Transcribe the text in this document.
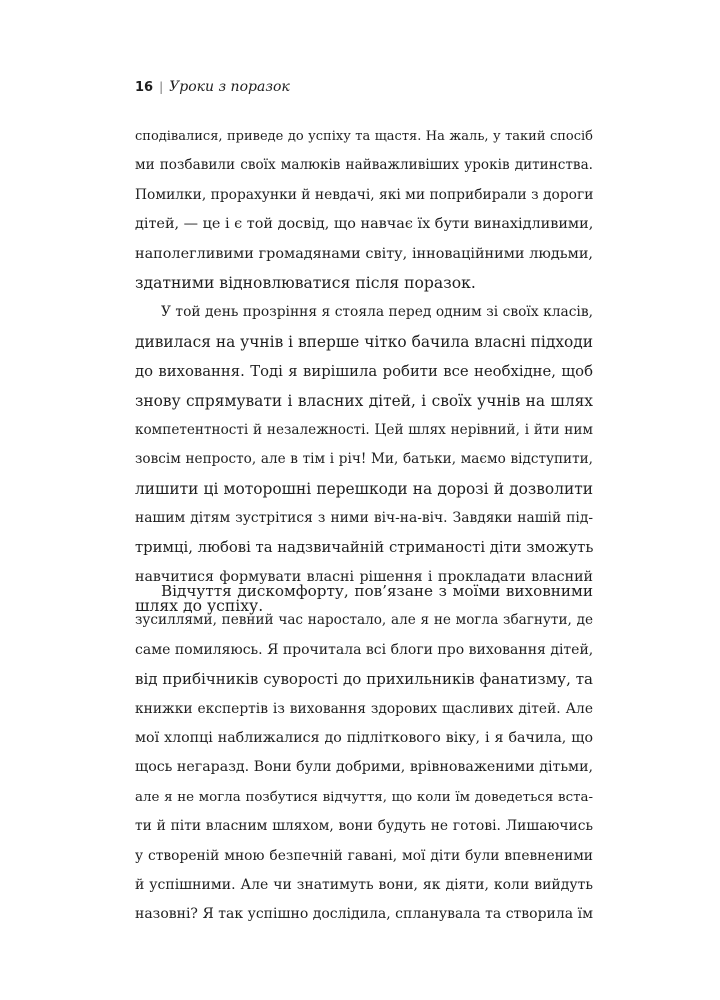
16 | Уроки з поразок
сподівалися, приведе до успіху та щастя. На жаль, у такий спосіб
ми позбавили своїх малюків найважливіших уроків дитинства.
Помилки, прорахунки й невдачі, які ми поприбирали з дороги
дітей, — це і є той досвід, що навчає їх бути винахідливими,
наполегливими громадянами світу, інноваційними людьми,
здатними відновлюватися після поразок.
У той день прозріння я стояла перед одним зі своїх класів,
дивилася на учнів і вперше чітко бачила власні підходи
до виховання. Тоді я вирішила робити все необхідне, щоб
знову спрямувати і власних дітей, і своїх учнів на шлях
компетентності й незалежності. Цей шлях нерівний, і йти ним
зовсім непросто, але в тім і річ! Ми, батьки, маємо відступити,
лишити ці моторошні перешкоди на дорозі й дозволити
нашим дітям зустрітися з ними віч-на-віч. Завдяки нашій під-
тримці, любові та надзвичайній стриманості діти зможуть
навчитися формувати власні рішення і прокладати власний
шлях до успіху.
Відчуття дискомфорту, пов’язане з моїми виховними
зусиллями, певний час наростало, але я не могла збагнути, де
саме помиляюсь. Я прочитала всі блоги про виховання дітей,
від прибічників суворості до прихильників фанатизму, та
книжки експертів із виховання здорових щасливих дітей. Але
мої хлопці наближалися до підліткового віку, і я бачила, що
щось негаразд. Вони були добрими, врівноваженими дітьми,
але я не могла позбутися відчуття, що коли їм доведеться вста-
ти й піти власним шляхом, вони будуть не готові. Лишаючись
у створеній мною безпечній гавані, мої діти були впевненими
й успішними. Але чи знатимуть вони, як діяти, коли вийдуть
назовні? Я так успішно дослідила, спланувала та створила їм
